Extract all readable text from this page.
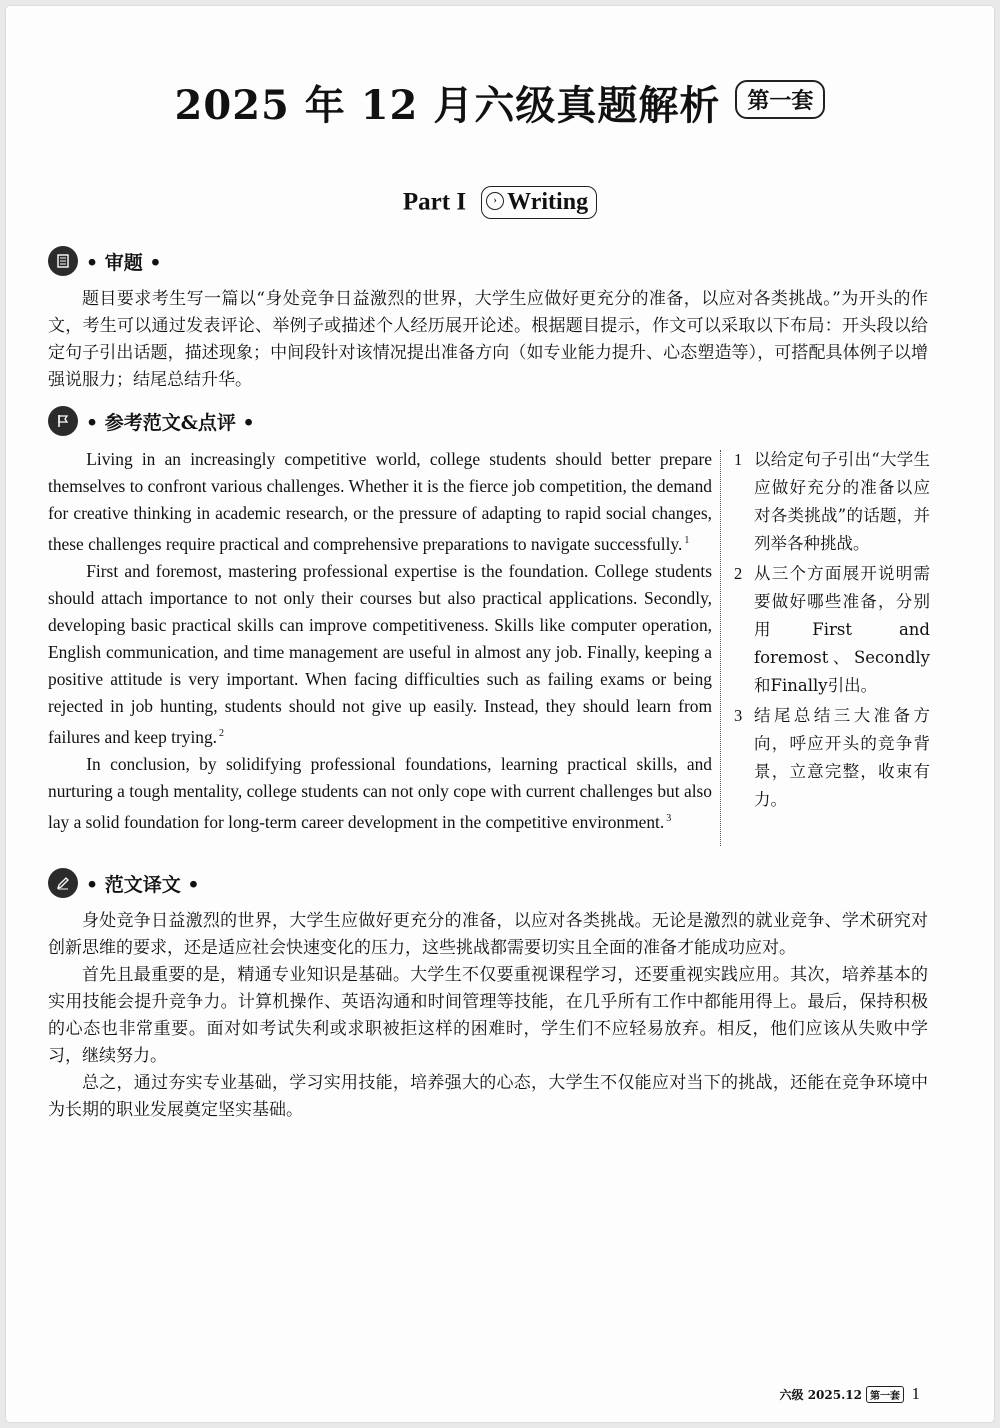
2025 年 12 月六级真题解析 第一套
Part I	› Writing
• 审题 •

题目要求考生写一篇以“身处竞争日益激烈的世界，大学生应做好更充分的准备，以应对各类挑战。”为开头的作文，考生可以通过发表评论、举例子或描述个人经历展开论述。根据题目提示，作文可以采取以下布局：开头段以给定句子引出话题，描述现象；中间段针对该情况提出准备方向（如专业能力提升、心态塑造等），可搭配具体例子以增强说服力；结尾总结升华。

• 参考范文&点评 •

Living in an increasingly competitive world, college students should better prepare themselves to confront various challenges. Whether it is the fierce job competition, the demand for creative thinking in academic research, or the pressure of adapting to rapid social changes, these challenges require practical and comprehensive preparations to navigate successfully. $^1$

First and foremost, mastering professional expertise is the foundation. College students should attach importance to not only their courses but also practical applications. Secondly, developing basic practical skills can improve competitiveness. Skills like computer operation, English communication, and time management are useful in almost any job. Finally, keeping a positive attitude is very important. When facing difficulties such as failing exams or being rejected in job hunting, students should not give up easily. Instead, they should learn from failures and keep trying. $^2$

In conclusion, by solidifying professional foundations, learning practical skills, and nurturing a tough mentality, college students can not only cope with current challenges but also lay a solid foundation for long-term career development in the competitive environment. $^3$

1 以给定句子引出“大学生应做好充分的准备以应对各类挑战”的话题，并列举各种挑战。
2 从三个方面展开说明需要做好哪些准备，分别用First and foremost、Secondly和Finally引出。
3 结尾总结三大准备方向，呼应开头的竞争背景，立意完整，收束有力。
• 范文译文 •

身处竞争日益激烈的世界，大学生应做好更充分的准备，以应对各类挑战。无论是激烈的就业竞争、学术研究对创新思维的要求，还是适应社会快速变化的压力，这些挑战都需要切实且全面的准备才能成功应对。

首先且最重要的是，精通专业知识是基础。大学生不仅要重视课程学习，还要重视实践应用。其次，培养基本的实用技能会提升竞争力。计算机操作、英语沟通和时间管理等技能，在几乎所有工作中都能用得上。最后，保持积极的心态也非常重要。面对如考试失利或求职被拒这样的困难时，学生们不应轻易放弃。相反，他们应该从失败中学习，继续努力。

总之，通过夯实专业基础，学习实用技能，培养强大的心态，大学生不仅能应对当下的挑战，还能在竞争环境中为长期的职业发展奠定坚实基础。

六级 2025.12 第一套 1
